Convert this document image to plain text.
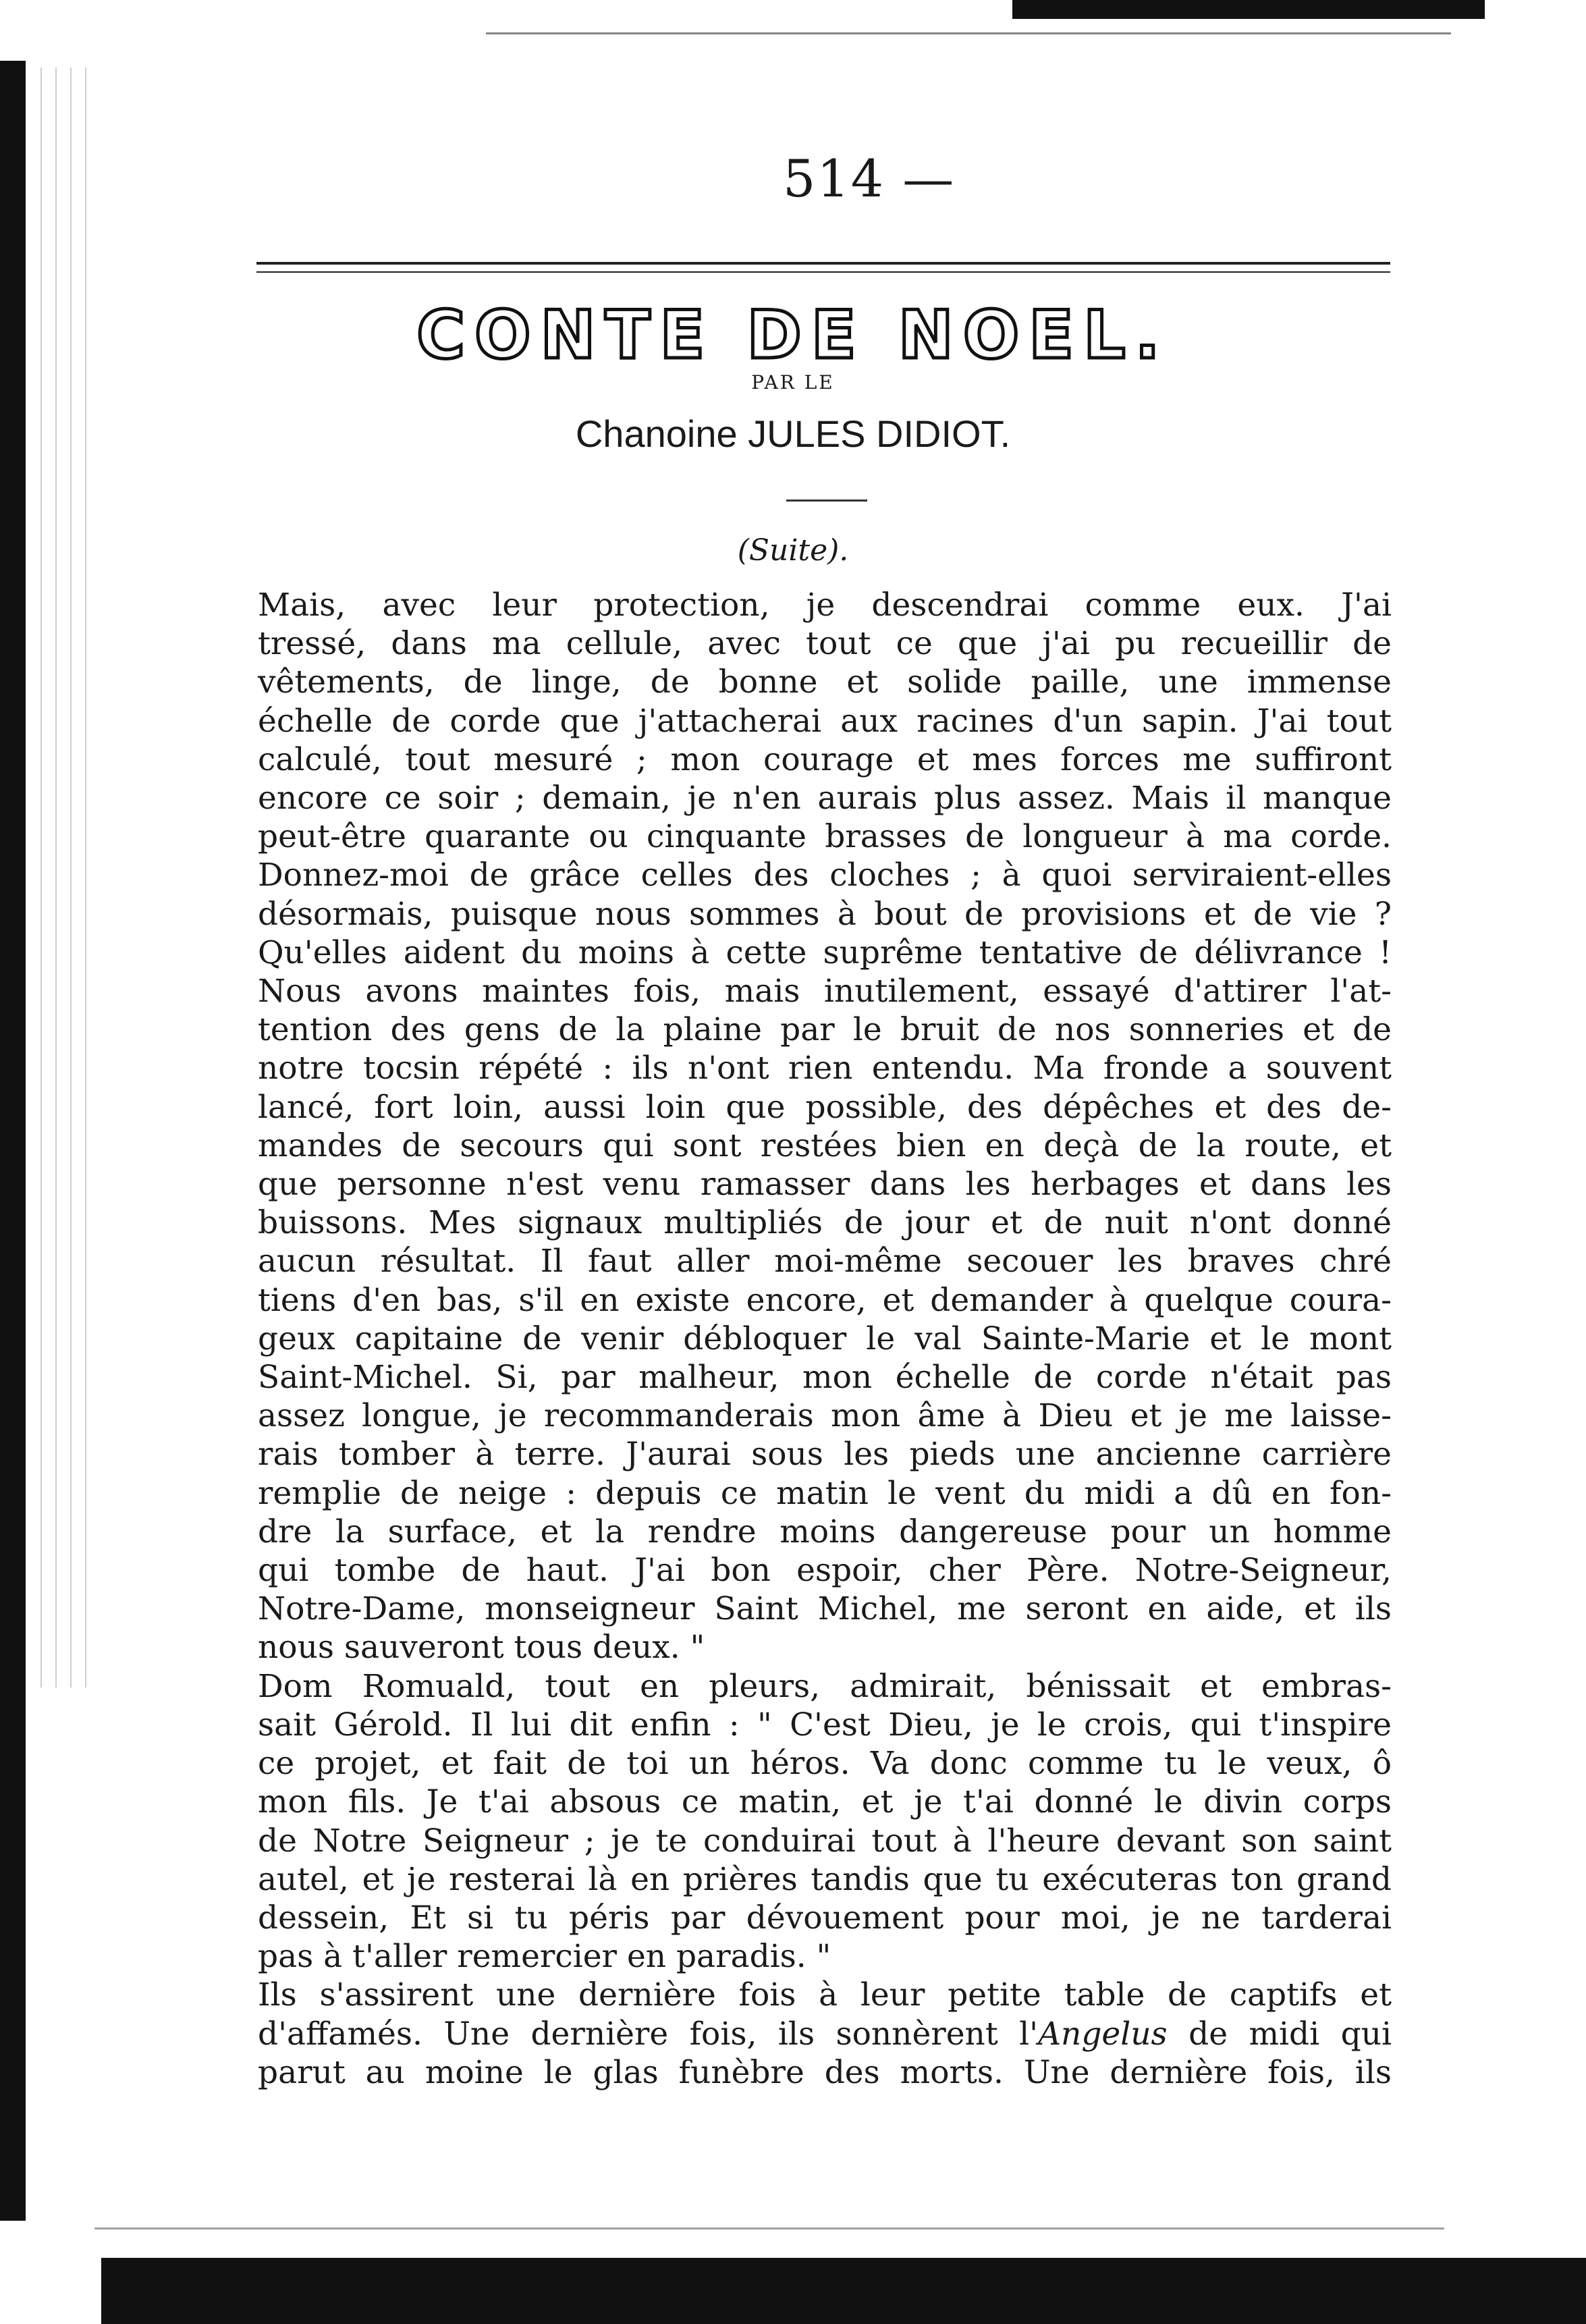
514 —
CONTE DE NOEL.
PAR LE
Chanoine JULES DIDIOT.
(Suite).
Mais, avec leur protection, je descendrai comme eux. J'ai
tressé, dans ma cellule, avec tout ce que j'ai pu recueillir de
vêtements, de linge, de bonne et solide paille, une immense
échelle de corde que j'attacherai aux racines d'un sapin. J'ai tout
calculé, tout mesuré ; mon courage et mes forces me suffiront
encore ce soir ; demain, je n'en aurais plus assez. Mais il manque
peut-être quarante ou cinquante brasses de longueur à ma corde.
Donnez-moi de grâce celles des cloches ; à quoi serviraient-elles
désormais, puisque nous sommes à bout de provisions et de vie ?
Qu'elles aident du moins à cette suprême tentative de délivrance !
Nous avons maintes fois, mais inutilement, essayé d'attirer l'at-
tention des gens de la plaine par le bruit de nos sonneries et de
notre tocsin répété : ils n'ont rien entendu. Ma fronde a souvent
lancé, fort loin, aussi loin que possible, des dépêches et des de-
mandes de secours qui sont restées bien en deçà de la route, et
que personne n'est venu ramasser dans les herbages et dans les
buissons. Mes signaux multipliés de jour et de nuit n'ont donné
aucun résultat. Il faut aller moi-même secouer les braves chré
tiens d'en bas, s'il en existe encore, et demander à quelque coura-
geux capitaine de venir débloquer le val Sainte-Marie et le mont
Saint-Michel. Si, par malheur, mon échelle de corde n'était pas
assez longue, je recommanderais mon âme à Dieu et je me laisse-
rais tomber à terre. J'aurai sous les pieds une ancienne carrière
remplie de neige : depuis ce matin le vent du midi a dû en fon-
dre la surface, et la rendre moins dangereuse pour un homme
qui tombe de haut. J'ai bon espoir, cher Père. Notre-Seigneur,
Notre-Dame, monseigneur Saint Michel, me seront en aide, et ils
nous sauveront tous deux. "
Dom Romuald, tout en pleurs, admirait, bénissait et embras-
sait Gérold. Il lui dit enfin : " C'est Dieu, je le crois, qui t'inspire
ce projet, et fait de toi un héros. Va donc comme tu le veux, ô
mon fils. Je t'ai absous ce matin, et je t'ai donné le divin corps
de Notre Seigneur ; je te conduirai tout à l'heure devant son saint
autel, et je resterai là en prières tandis que tu exécuteras ton grand
dessein, Et si tu péris par dévouement pour moi, je ne tarderai
pas à t'aller remercier en paradis. "
Ils s'assirent une dernière fois à leur petite table de captifs et
d'affamés. Une dernière fois, ils sonnèrent l'Angelus de midi qui
parut au moine le glas funèbre des morts. Une dernière fois, ils
